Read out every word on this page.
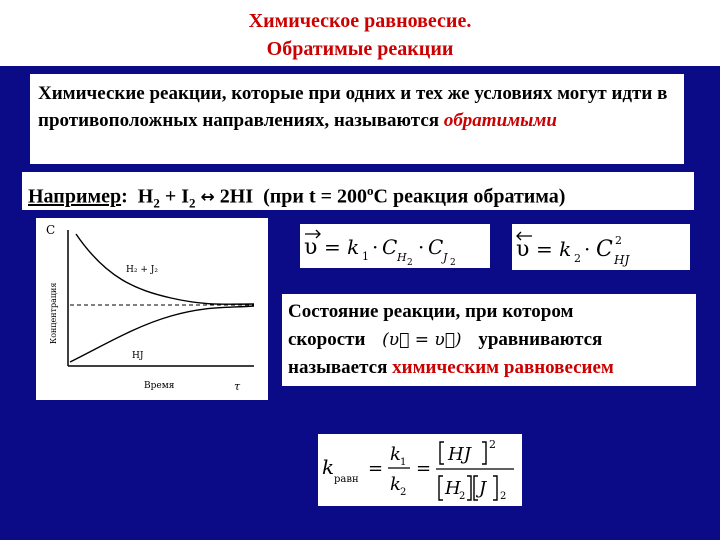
Химическое равновесие.
Обратимые реакции
Химические реакции, которые при одних и тех же условиях могут идти в противоположных направлениях, называются обратимыми
Например: $H_2 + I_2$ ↔ 2HI  (при $t = 200^oC$ реакция обратима)
C
Концентрация
H₂ + J₂
HJ
Время	τ
υ = k 1 · C H 2
· C J 2
υ = k 2 · C 2
HJ
Состояние реакции, при котором
скорости (υ⃗ = υ⃖) уравниваются
называется химическим равновесием
k
равн
=
k 1
k 2
=
HJ 2
H
2 J 2
